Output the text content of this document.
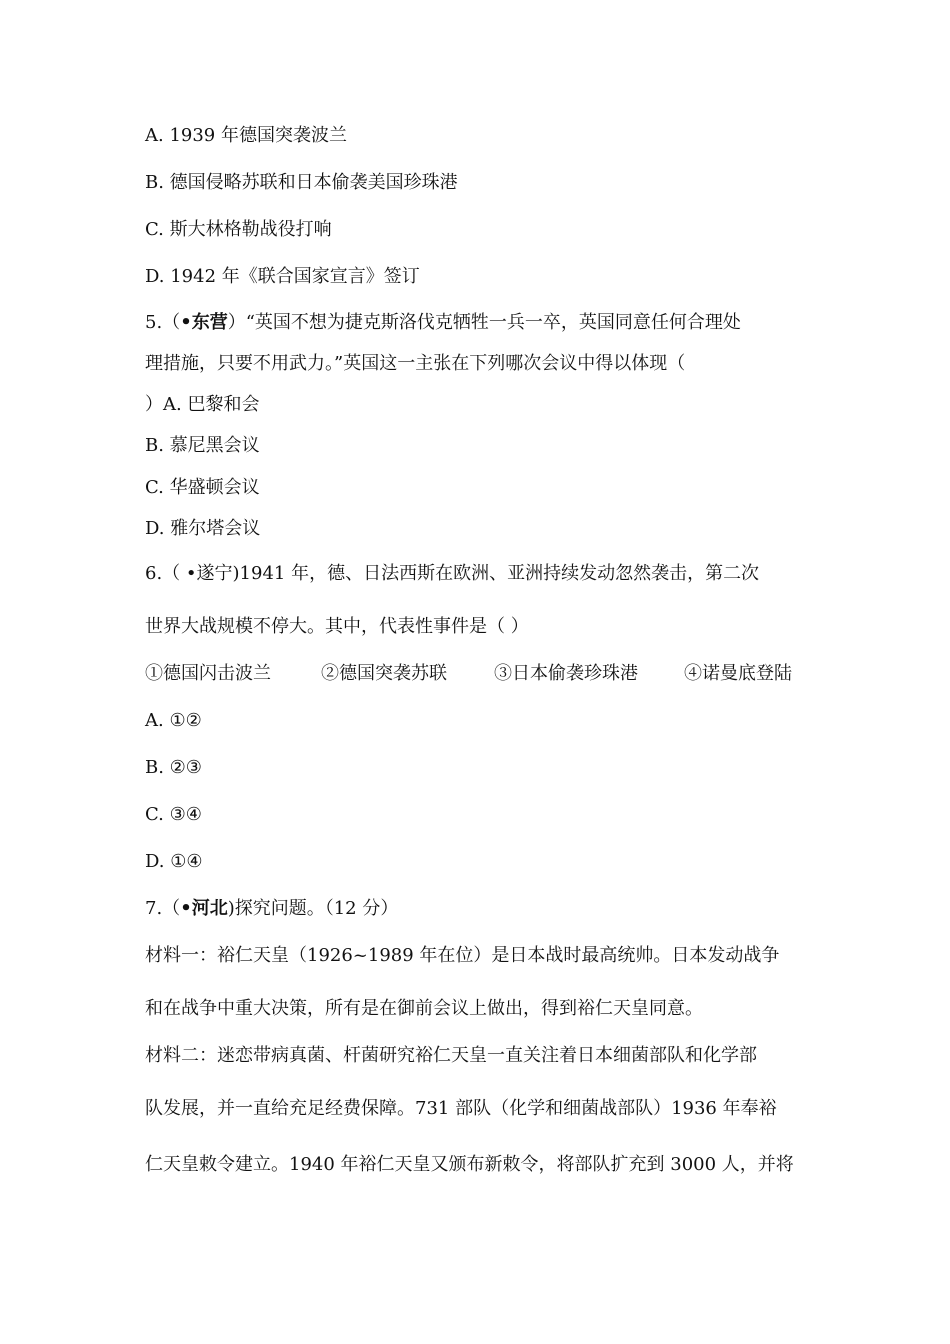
A. 1939 年德国突袭波兰
B. 德国侵略苏联和日本偷袭美国珍珠港
C. 斯大林格勒战役打响
D. 1942 年《联合国家宣言》签订
5.（•东营）“英国不想为捷克斯洛伐克牺牲一兵一卒，英国同意任何合理处
理措施，只要不用武力。”英国这一主张在下列哪次会议中得以体现（
）A. 巴黎和会
B. 慕尼黑会议
C. 华盛顿会议
D. 雅尔塔会议
6.（ •遂宁)1941 年，德、日法西斯在欧洲、亚洲持续发动忽然袭击，第二次
世界大战规模不停大。其中，代表性事件是（ ）
①德国闪击波兰	②德国突袭苏联	③日本偷袭珍珠港	④诺曼底登陆
A. ①②
B. ②③
C. ③④
D. ①④
7.（•河北)探究问题。（12 分）
材料一：裕仁天皇（1926~1989 年在位）是日本战时最高统帅。日本发动战争
和在战争中重大决策，所有是在御前会议上做出，得到裕仁天皇同意。
材料二：迷恋带病真菌、杆菌研究裕仁天皇一直关注着日本细菌部队和化学部
队发展，并一直给充足经费保障。731 部队（化学和细菌战部队）1936 年奉裕
仁天皇敕令建立。1940 年裕仁天皇又颁布新敕令，将部队扩充到 3000 人，并将
